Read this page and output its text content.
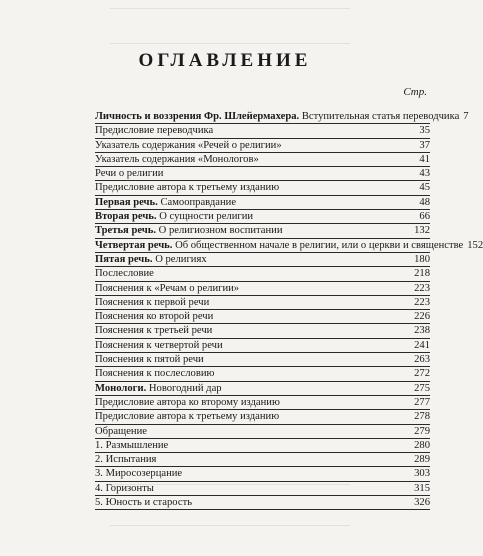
ОГЛАВЛЕНИЕ
Стр.
Личность и воззрения Фр. Шлейермахера. Вступительная статья переводчика 7
Предисловие переводчика	35
Указатель содержания «Речей о религии»	37
Указатель содержания «Монологов»	41
Речи о религии	43
Предисловие автора к третьему изданию	45
Первая речь. Самооправдание	48
Вторая речь. О сущности религии	66
Третья речь. О религиозном воспитании	132
Четвертая речь. Об общественном начале в религии, или о церкви и священстве 152
Пятая речь. О религиях	180
Послесловие	218
Пояснения к «Речам о религии»	223
Пояснения к первой речи	223
Пояснения ко второй речи	226
Пояснения к третьей речи	238
Пояснения к четвертой речи	241
Пояснения к пятой речи	263
Пояснения к послесловию	272
Монологи. Новогодний дар	275
Предисловие автора ко второму изданию	277
Предисловие автора к третьему изданию	278
Обращение	279
1. Размышление	280
2. Испытания	289
3. Миросозерцание	303
4. Горизонты	315
5. Юность и старость	326
